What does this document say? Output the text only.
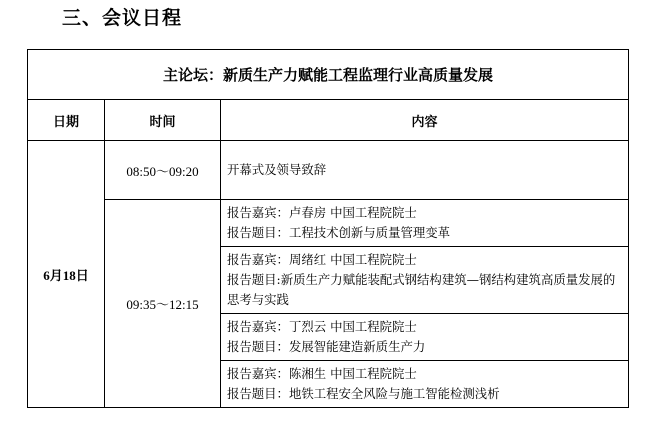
三、会议日程
主论坛：新质生产力赋能工程监理行业高质量发展		
日期	时间	内容
6月18日	08:50～09:20	开幕式及领导致辞
	09:35～12:15	报告嘉宾：卢春房 中国工程院院士
报告题目：工程技术创新与质量管理变革

		报告嘉宾：周绪红 中国工程院院士
报告题目:新质生产力赋能装配式钢结构建筑—钢结构建筑高质量发展的思考与实践

		报告嘉宾：丁烈云 中国工程院院士
报告题目：发展智能建造新质生产力

		报告嘉宾：陈湘生 中国工程院院士
报告题目：地铁工程安全风险与施工智能检测浅析
